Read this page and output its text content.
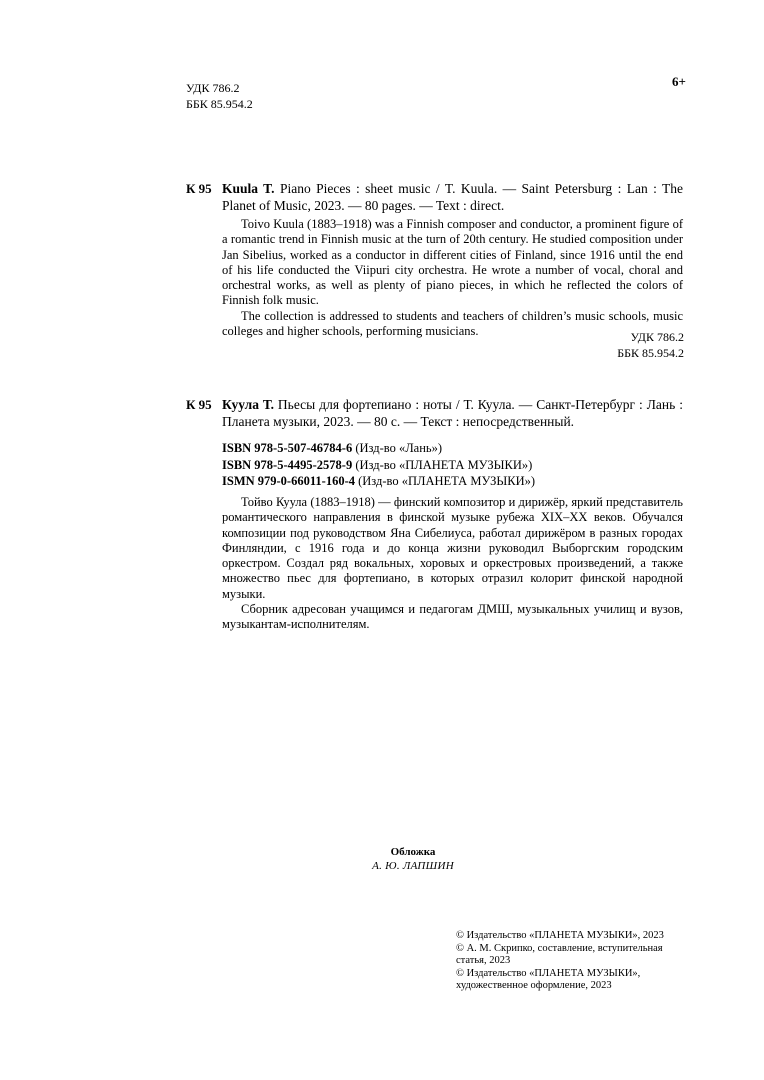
УДК 786.2
ББК 85.954.2
6+
К 95 Kuula T. Piano Pieces : sheet music / T. Kuula. — Saint Petersburg : Lan : The Planet of Music, 2023. — 80 pages. — Text : direct.

Toivo Kuula (1883–1918) was a Finnish composer and conductor, a prominent figure of a romantic trend in Finnish music at the turn of 20th century. He studied composition under Jan Sibelius, worked as a conductor in different cities of Finland, since 1916 until the end of his life conducted the Viipuri city orchestra. He wrote a number of vocal, choral and orchestral works, as well as plenty of piano pieces, in which he reflected the colors of Finnish folk music.

The collection is addressed to students and teachers of children’s music schools, music colleges and higher schools, performing musicians.	УДК 786.2
ББК 85.954.2
К 95 Куула Т. Пьесы для фортепиано : ноты / Т. Куула. — Санкт-Петербург : Лань : Планета музыки, 2023. — 80 с. — Текст : непосредственный.
ISBN 978-5-507-46784-6 (Изд-во «Лань»)
ISBN 978-5-4495-2578-9 (Изд-во «ПЛАНЕТА МУЗЫКИ»)
ISMN 979-0-66011-160-4 (Изд-во «ПЛАНЕТА МУЗЫКИ»)

Тойво Куула (1883–1918) — финский композитор и дирижёр, яркий представитель романтического направления в финской музыке рубежа XIX–XX веков. Обучался композиции под руководством Яна Сибелиуса, работал дирижёром в разных городах Финляндии, с 1916 года и до конца жизни руководил Выборгским городским оркестром. Создал ряд вокальных, хоровых и оркестровых произведений, а также множество пьес для фортепиано, в которых отразил колорит финской народной музыки.

Сборник адресован учащимся и педагогам ДМШ, музыкальных училищ и вузов, музыкантам-исполнителям.

Обложка
А. Ю. ЛАПШИН
© Издательство «ПЛАНЕТА МУЗЫКИ», 2023
© А. М. Скрипко, составление, вступительная статья, 2023
© Издательство «ПЛАНЕТА МУЗЫКИ», художественное оформление, 2023
